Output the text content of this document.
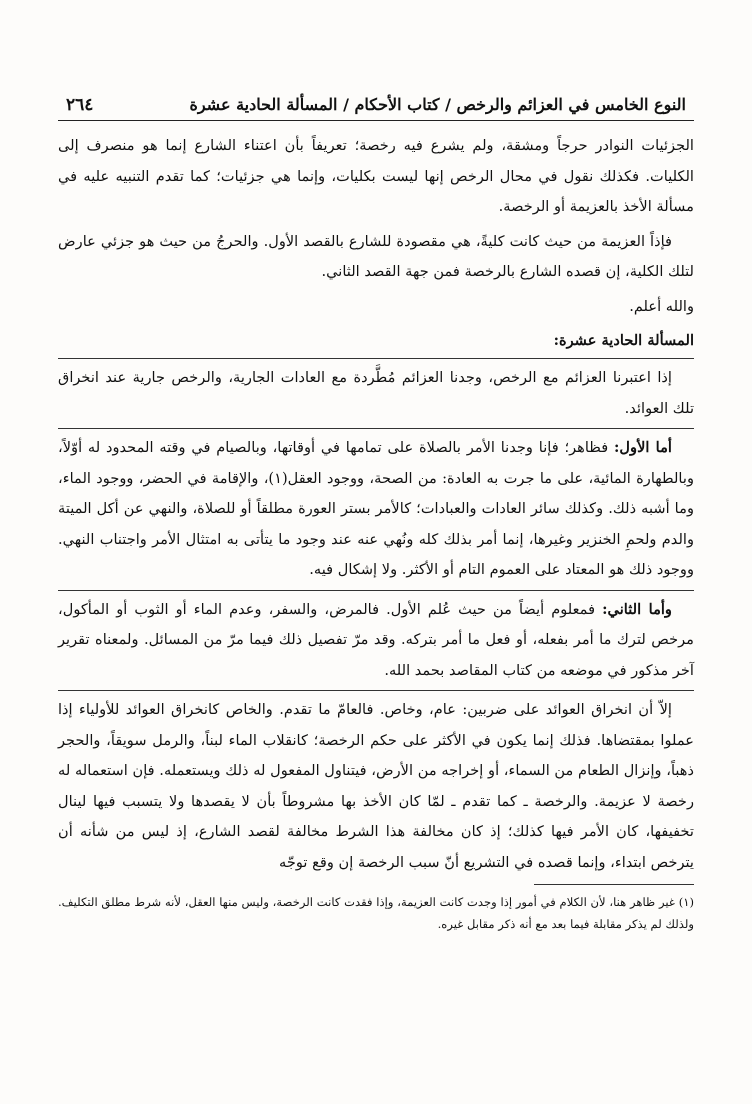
النوع الخامس في العزائم والرخص / كتاب الأحكام / المسألة الحادية عشرة
٢٦٤

الجزئيات النوادر حرجاً ومشقة، ولم يشرع فيه رخصة؛ تعريفاً بأن اعتناء الشارع إنما هو منصرف إلى الكليات. فكذلك نقول في محال الرخص إنها ليست بكليات، وإنما هي جزئيات؛ كما تقدم التنبيه عليه في مسألة الأخذ بالعزيمة أو الرخصة.

فإذاً العزيمة من حيث كانت كليةً، هي مقصودة للشارع بالقصد الأول. والحرجُ من حيث هو جزئي عارض لتلك الكلية، إن قصده الشارع بالرخصة فمن جهة القصد الثاني.

والله أعلم.

المسألة الحادية عشرة:

إذا اعتبرنا العزائم مع الرخص، وجدنا العزائم مُطَّردة مع العادات الجارية، والرخص جارية عند انخراق تلك العوائد.

أما الأول: فظاهر؛ فإنا وجدنا الأمر بالصلاة على تمامها في أوقاتها، وبالصيام في وقته المحدود له أوّلاً، وبالطهارة المائية، على ما جرت به العادة: من الصحة، ووجود العقل(١)، والإقامة في الحضر، ووجود الماء، وما أشبه ذلك. وكذلك سائر العادات والعبادات؛ كالأمر بستر العورة مطلقاً أو للصلاة، والنهي عن أكل الميتة والدم ولحمِ الخنزير وغيرها، إنما أمر بذلك كله ونُهي عنه عند وجود ما يتأتى به امتثال الأمر واجتناب النهي. ووجود ذلك هو المعتاد على العموم التام أو الأكثر. ولا إشكال فيه.

وأما الثاني: فمعلوم أيضاً من حيث عُلم الأول. فالمرض، والسفر، وعدم الماء أو الثوب أو المأكول، مرخص لترك ما أمر بفعله، أو فعل ما أمر بتركه. وقد مرّ تفصيل ذلك فيما مرّ من المسائل. ولمعناه تقرير آخر مذكور في موضعه من كتاب المقاصد بحمد الله.

إلاّ أن انخراق العوائد على ضربين: عام، وخاص. فالعامّ ما تقدم. والخاص كانخراق العوائد للأولياء إذا عملوا بمقتضاها. فذلك إنما يكون في الأكثر على حكم الرخصة؛ كانقلاب الماء لبناً، والرمل سويقاً، والحجر ذهباً، وإنزال الطعام من السماء، أو إخراجه من الأرض، فيتناول المفعول له ذلك ويستعمله. فإن استعماله له رخصة لا عزيمة. والرخصة ـ كما تقدم ـ لمّا كان الأخذ بها مشروطاً بأن لا يقصدها ولا يتسبب فيها لينال تخفيفها، كان الأمر فيها كذلك؛ إذ كان مخالفة هذا الشرط مخالفة لقصد الشارع، إذ ليس من شأنه أن يترخص ابتداء، وإنما قصده في التشريع أنّ سبب الرخصة إن وقع توجّه

(١) غير ظاهر هنا، لأن الكلام في أمور إذا وجدت كانت العزيمة، وإذا فقدت كانت الرخصة، وليس منها العقل، لأنه شرط مطلق التكليف. ولذلك لم يذكر مقابلة فيما بعد مع أنه ذكر مقابل غيره.
